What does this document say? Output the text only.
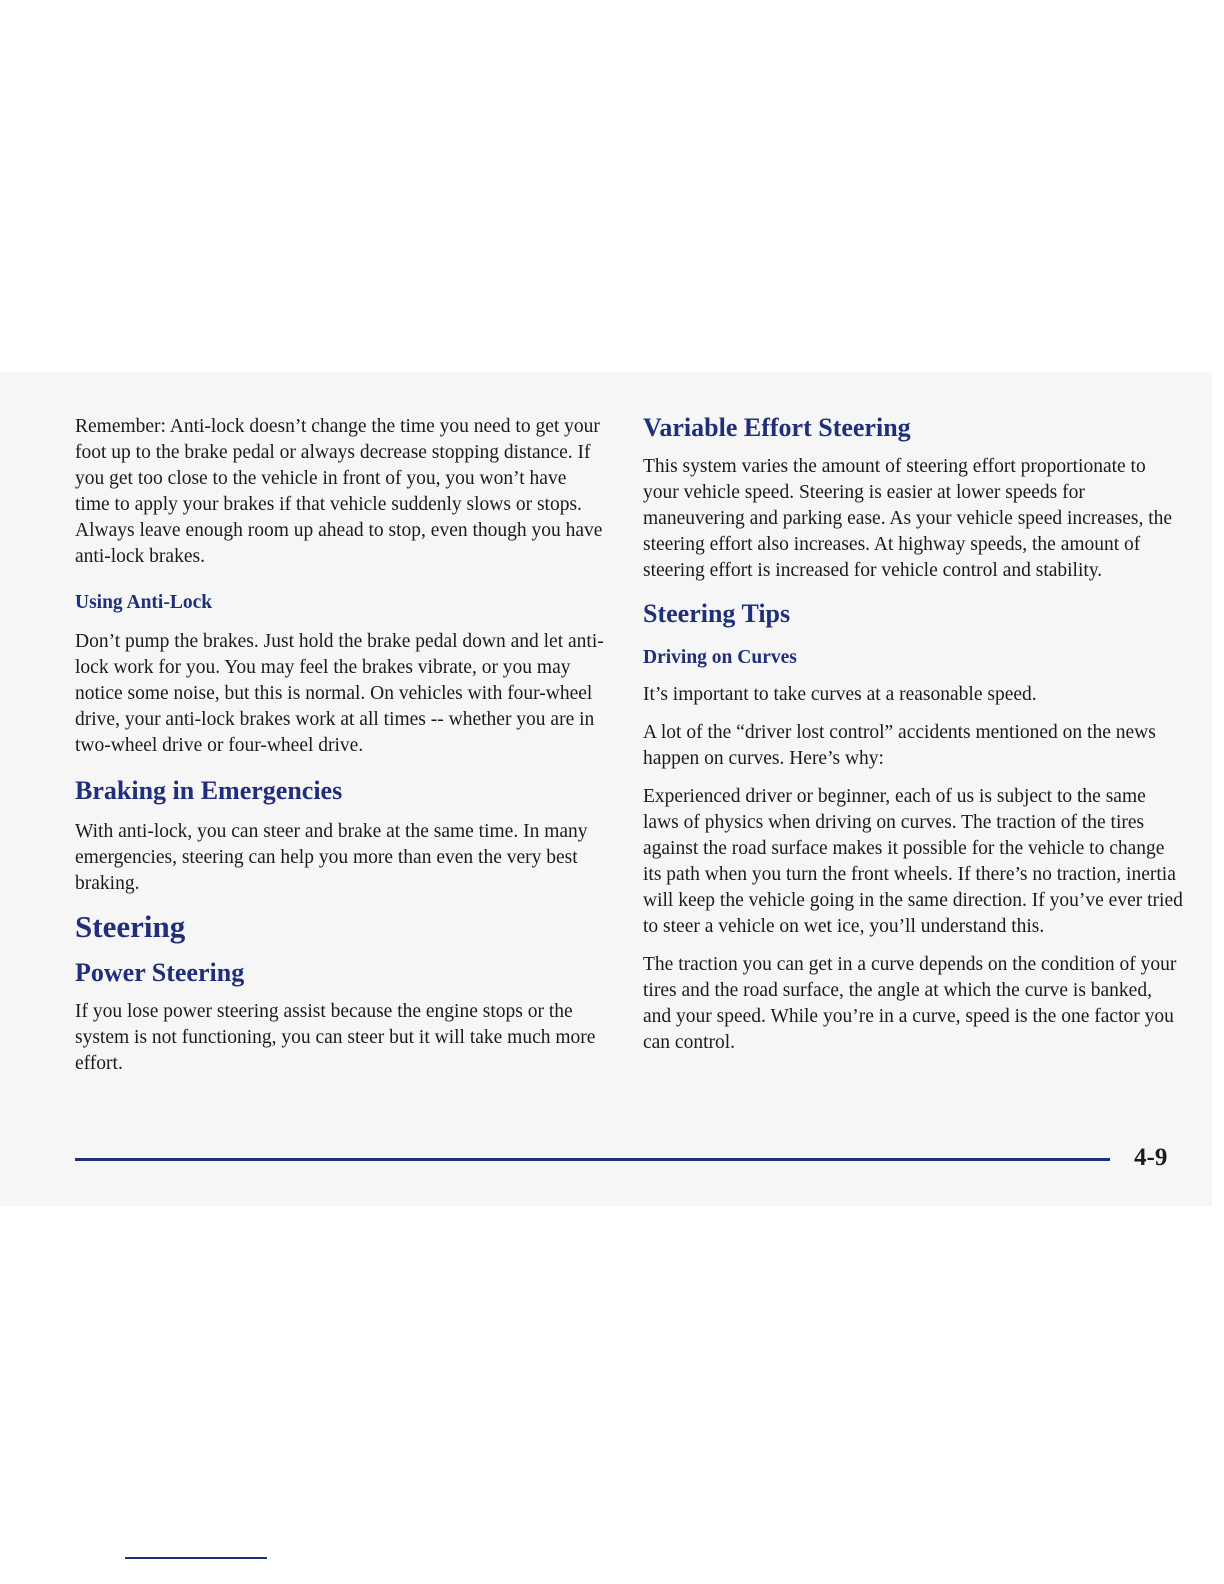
Remember: Anti-lock doesn’t change the time you need to get your foot up to the brake pedal or always decrease stopping distance. If you get too close to the vehicle in front of you, you won’t have time to apply your brakes if that vehicle suddenly slows or stops. Always leave enough room up ahead to stop, even though you have anti-lock brakes.

Using Anti-Lock

Don’t pump the brakes. Just hold the brake pedal down and let anti-lock work for you. You may feel the brakes vibrate, or you may notice some noise, but this is normal. On vehicles with four-wheel drive, your anti-lock brakes work at all times -- whether you are in two-wheel drive or four-wheel drive.

Braking in Emergencies

With anti-lock, you can steer and brake at the same time. In many emergencies, steering can help you more than even the very best braking.

Steering
Power Steering

If you lose power steering assist because the engine stops or the system is not functioning, you can steer but it will take much more effort.

Variable Effort Steering

This system varies the amount of steering effort proportionate to your vehicle speed. Steering is easier at lower speeds for maneuvering and parking ease. As your vehicle speed increases, the steering effort also increases. At highway speeds, the amount of steering effort is increased for vehicle control and stability.

Steering Tips
Driving on Curves

It’s important to take curves at a reasonable speed.

A lot of the “driver lost control” accidents mentioned on the news happen on curves. Here’s why:

Experienced driver or beginner, each of us is subject to the same laws of physics when driving on curves. The traction of the tires against the road surface makes it possible for the vehicle to change its path when you turn the front wheels. If there’s no traction, inertia will keep the vehicle going in the same direction. If you’ve ever tried to steer a vehicle on wet ice, you’ll understand this.

The traction you can get in a curve depends on the condition of your tires and the road surface, the angle at which the curve is banked, and your speed. While you’re in a curve, speed is the one factor you can control.

4-9
